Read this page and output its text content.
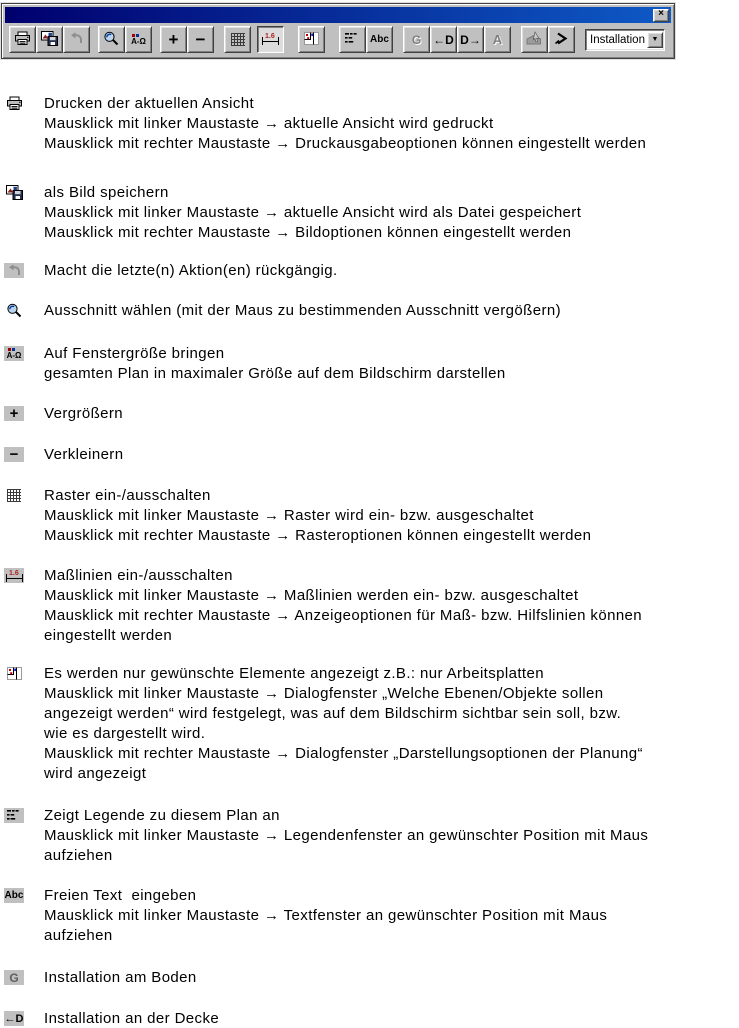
×
A-Ω + −	1.6	Abc G ←D D→ A	Installation ▼
Drucken der aktuellen Ansicht
Mausklick mit linker Maustaste → aktuelle Ansicht wird gedruckt
Mausklick mit rechter Maustaste → Druckausgabeoptionen können eingestellt werden
als Bild speichern
Mausklick mit linker Maustaste → aktuelle Ansicht wird als Datei gespeichert
Mausklick mit rechter Maustaste → Bildoptionen können eingestellt werden
Macht die letzte(n) Aktion(en) rückgängig.
Ausschnitt wählen (mit der Maus zu bestimmenden Ausschnitt vergößern)
A-Ω Auf Fenstergröße bringen
gesamten Plan in maximaler Größe auf dem Bildschirm darstellen
+ Vergrößern
− Verkleinern
Raster ein-/ausschalten
Mausklick mit linker Maustaste → Raster wird ein- bzw. ausgeschaltet
Mausklick mit rechter Maustaste → Rasteroptionen können eingestellt werden
1.6 Maßlinien ein-/ausschalten
Mausklick mit linker Maustaste → Maßlinien werden ein- bzw. ausgeschaltet
Mausklick mit rechter Maustaste → Anzeigeoptionen für Maß- bzw. Hilfslinien können
eingestellt werden
Es werden nur gewünschte Elemente angezeigt z.B.: nur Arbeitsplatten
Mausklick mit linker Maustaste → Dialogfenster „Welche Ebenen/Objekte sollen
angezeigt werden“ wird festgelegt, was auf dem Bildschirm sichtbar sein soll, bzw.
wie es dargestellt wird.
Mausklick mit rechter Maustaste → Dialogfenster „Darstellungsoptionen der Planung“
wird angezeigt
Zeigt Legende zu diesem Plan an
Mausklick mit linker Maustaste → Legendenfenster an gewünschter Position mit Maus
aufziehen
Abc Freien Text  eingeben
Mausklick mit linker Maustaste → Textfenster an gewünschter Position mit Maus
aufziehen
G Installation am Boden
←D Installation an der Decke
